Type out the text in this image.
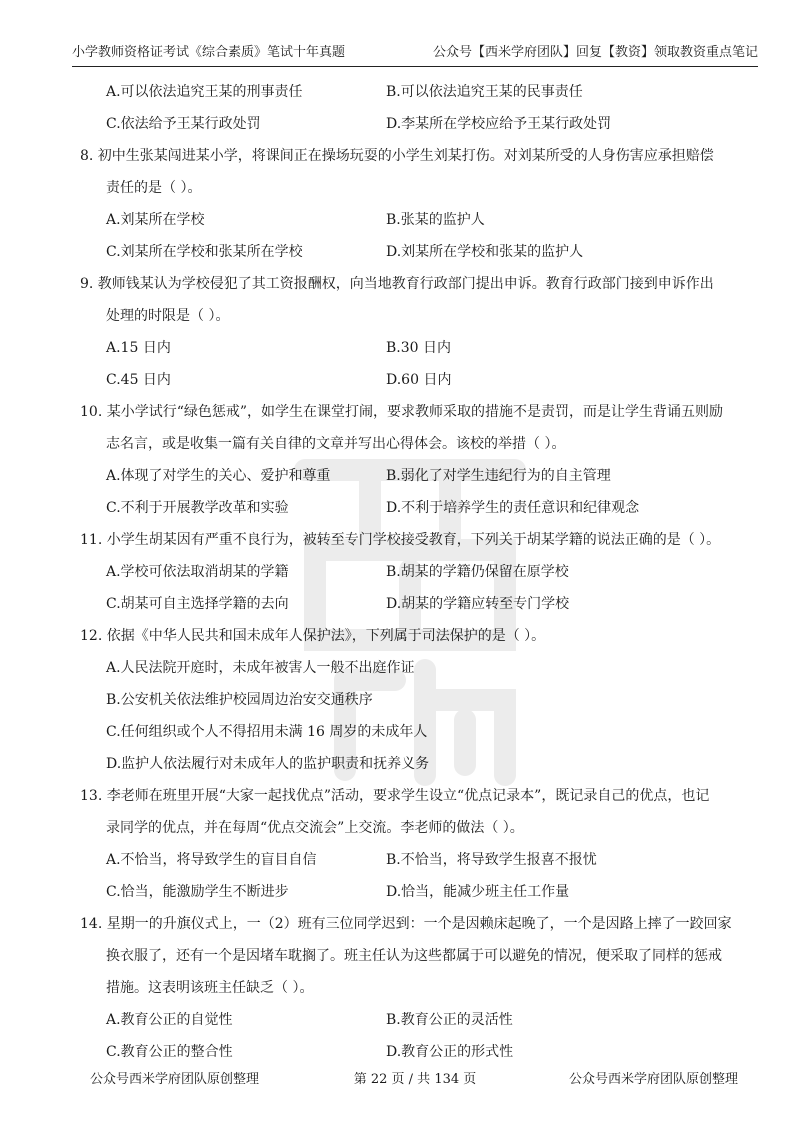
小学教师资格证考试《综合素质》笔试十年真题	公众号【西米学府团队】回复【教资】领取教资重点笔记
A.可以依法追究王某的刑事责任	B.可以依法追究王某的民事责任
C.依法给予王某行政处罚	D.李某所在学校应给予王某行政处罚
8. 初中生张某闯进某小学，将课间正在操场玩耍的小学生刘某打伤。对刘某所受的人身伤害应承担赔偿
责任的是（ ）。
A.刘某所在学校	B.张某的监护人
C.刘某所在学校和张某所在学校	D.刘某所在学校和张某的监护人
9. 教师钱某认为学校侵犯了其工资报酬权，向当地教育行政部门提出申诉。教育行政部门接到申诉作出
处理的时限是（ ）。
A.15 日内	B.30 日内
C.45 日内	D.60 日内
10. 某小学试行“绿色惩戒”，如学生在课堂打闹，要求教师采取的措施不是责罚，而是让学生背诵五则励
志名言，或是收集一篇有关自律的文章并写出心得体会。该校的举措（ ）。
A.体现了对学生的关心、爱护和尊重	B.弱化了对学生违纪行为的自主管理
C.不利于开展教学改革和实验	D.不利于培养学生的责任意识和纪律观念
11. 小学生胡某因有严重不良行为，被转至专门学校接受教育，下列关于胡某学籍的说法正确的是（ ）。
A.学校可依法取消胡某的学籍	B.胡某的学籍仍保留在原学校
C.胡某可自主选择学籍的去向	D.胡某的学籍应转至专门学校
12. 依据《中华人民共和国未成年人保护法》，下列属于司法保护的是（ ）。
A.人民法院开庭时，未成年被害人一般不出庭作证
B.公安机关依法维护校园周边治安交通秩序
C.任何组织或个人不得招用未满 16 周岁的未成年人
D.监护人依法履行对未成年人的监护职责和抚养义务
13. 李老师在班里开展“大家一起找优点”活动，要求学生设立“优点记录本”，既记录自己的优点，也记
录同学的优点，并在每周“优点交流会”上交流。李老师的做法（ ）。
A.不恰当，将导致学生的盲目自信	B.不恰当，将导致学生报喜不报忧
C.恰当，能激励学生不断进步	D.恰当，能减少班主任工作量
14. 星期一的升旗仪式上，一（2）班有三位同学迟到：一个是因赖床起晚了，一个是因路上摔了一跤回家
换衣服了，还有一个是因堵车耽搁了。班主任认为这些都属于可以避免的情况，便采取了同样的惩戒
措施。这表明该班主任缺乏（ ）。
A.教育公正的自觉性	B.教育公正的灵活性
C.教育公正的整合性	D.教育公正的形式性
公众号西米学府团队原创整理	第 22 页 / 共 134 页	公众号西米学府团队原创整理
